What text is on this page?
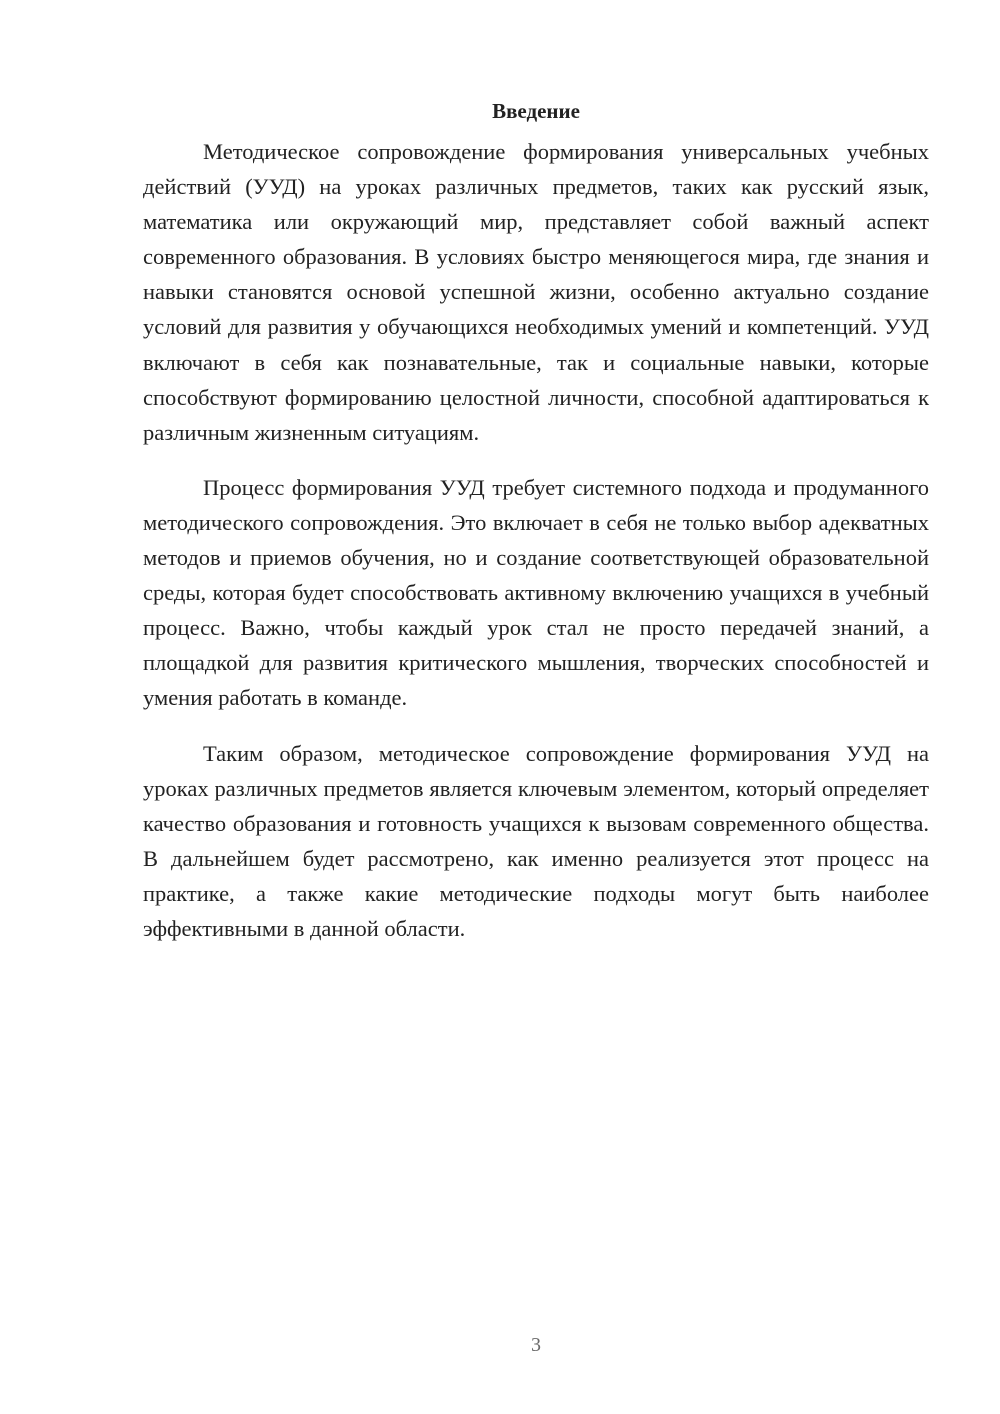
Введение

Методическое сопровождение формирования универсальных учебных действий (УУД) на уроках различных предметов, таких как русский язык, математика или окружающий мир, представляет собой важный аспект современного образования. В условиях быстро меняющегося мира, где знания и навыки становятся основой успешной жизни, особенно актуально создание условий для развития у обучающихся необходимых умений и компетенций. УУД включают в себя как познавательные, так и социальные навыки, которые способствуют формированию целостной личности, способной адаптироваться к различным жизненным ситуациям.

Процесс формирования УУД требует системного подхода и продуманного методического сопровождения. Это включает в себя не только выбор адекватных методов и приемов обучения, но и создание соответствующей образовательной среды, которая будет способствовать активному включению учащихся в учебный процесс. Важно, чтобы каждый урок стал не просто передачей знаний, а площадкой для развития критического мышления, творческих способностей и умения работать в команде.

Таким образом, методическое сопровождение формирования УУД на уроках различных предметов является ключевым элементом, который определяет качество образования и готовность учащихся к вызовам современного общества. В дальнейшем будет рассмотрено, как именно реализуется этот процесс на практике, а также какие методические подходы могут быть наиболее эффективными в данной области.

3
